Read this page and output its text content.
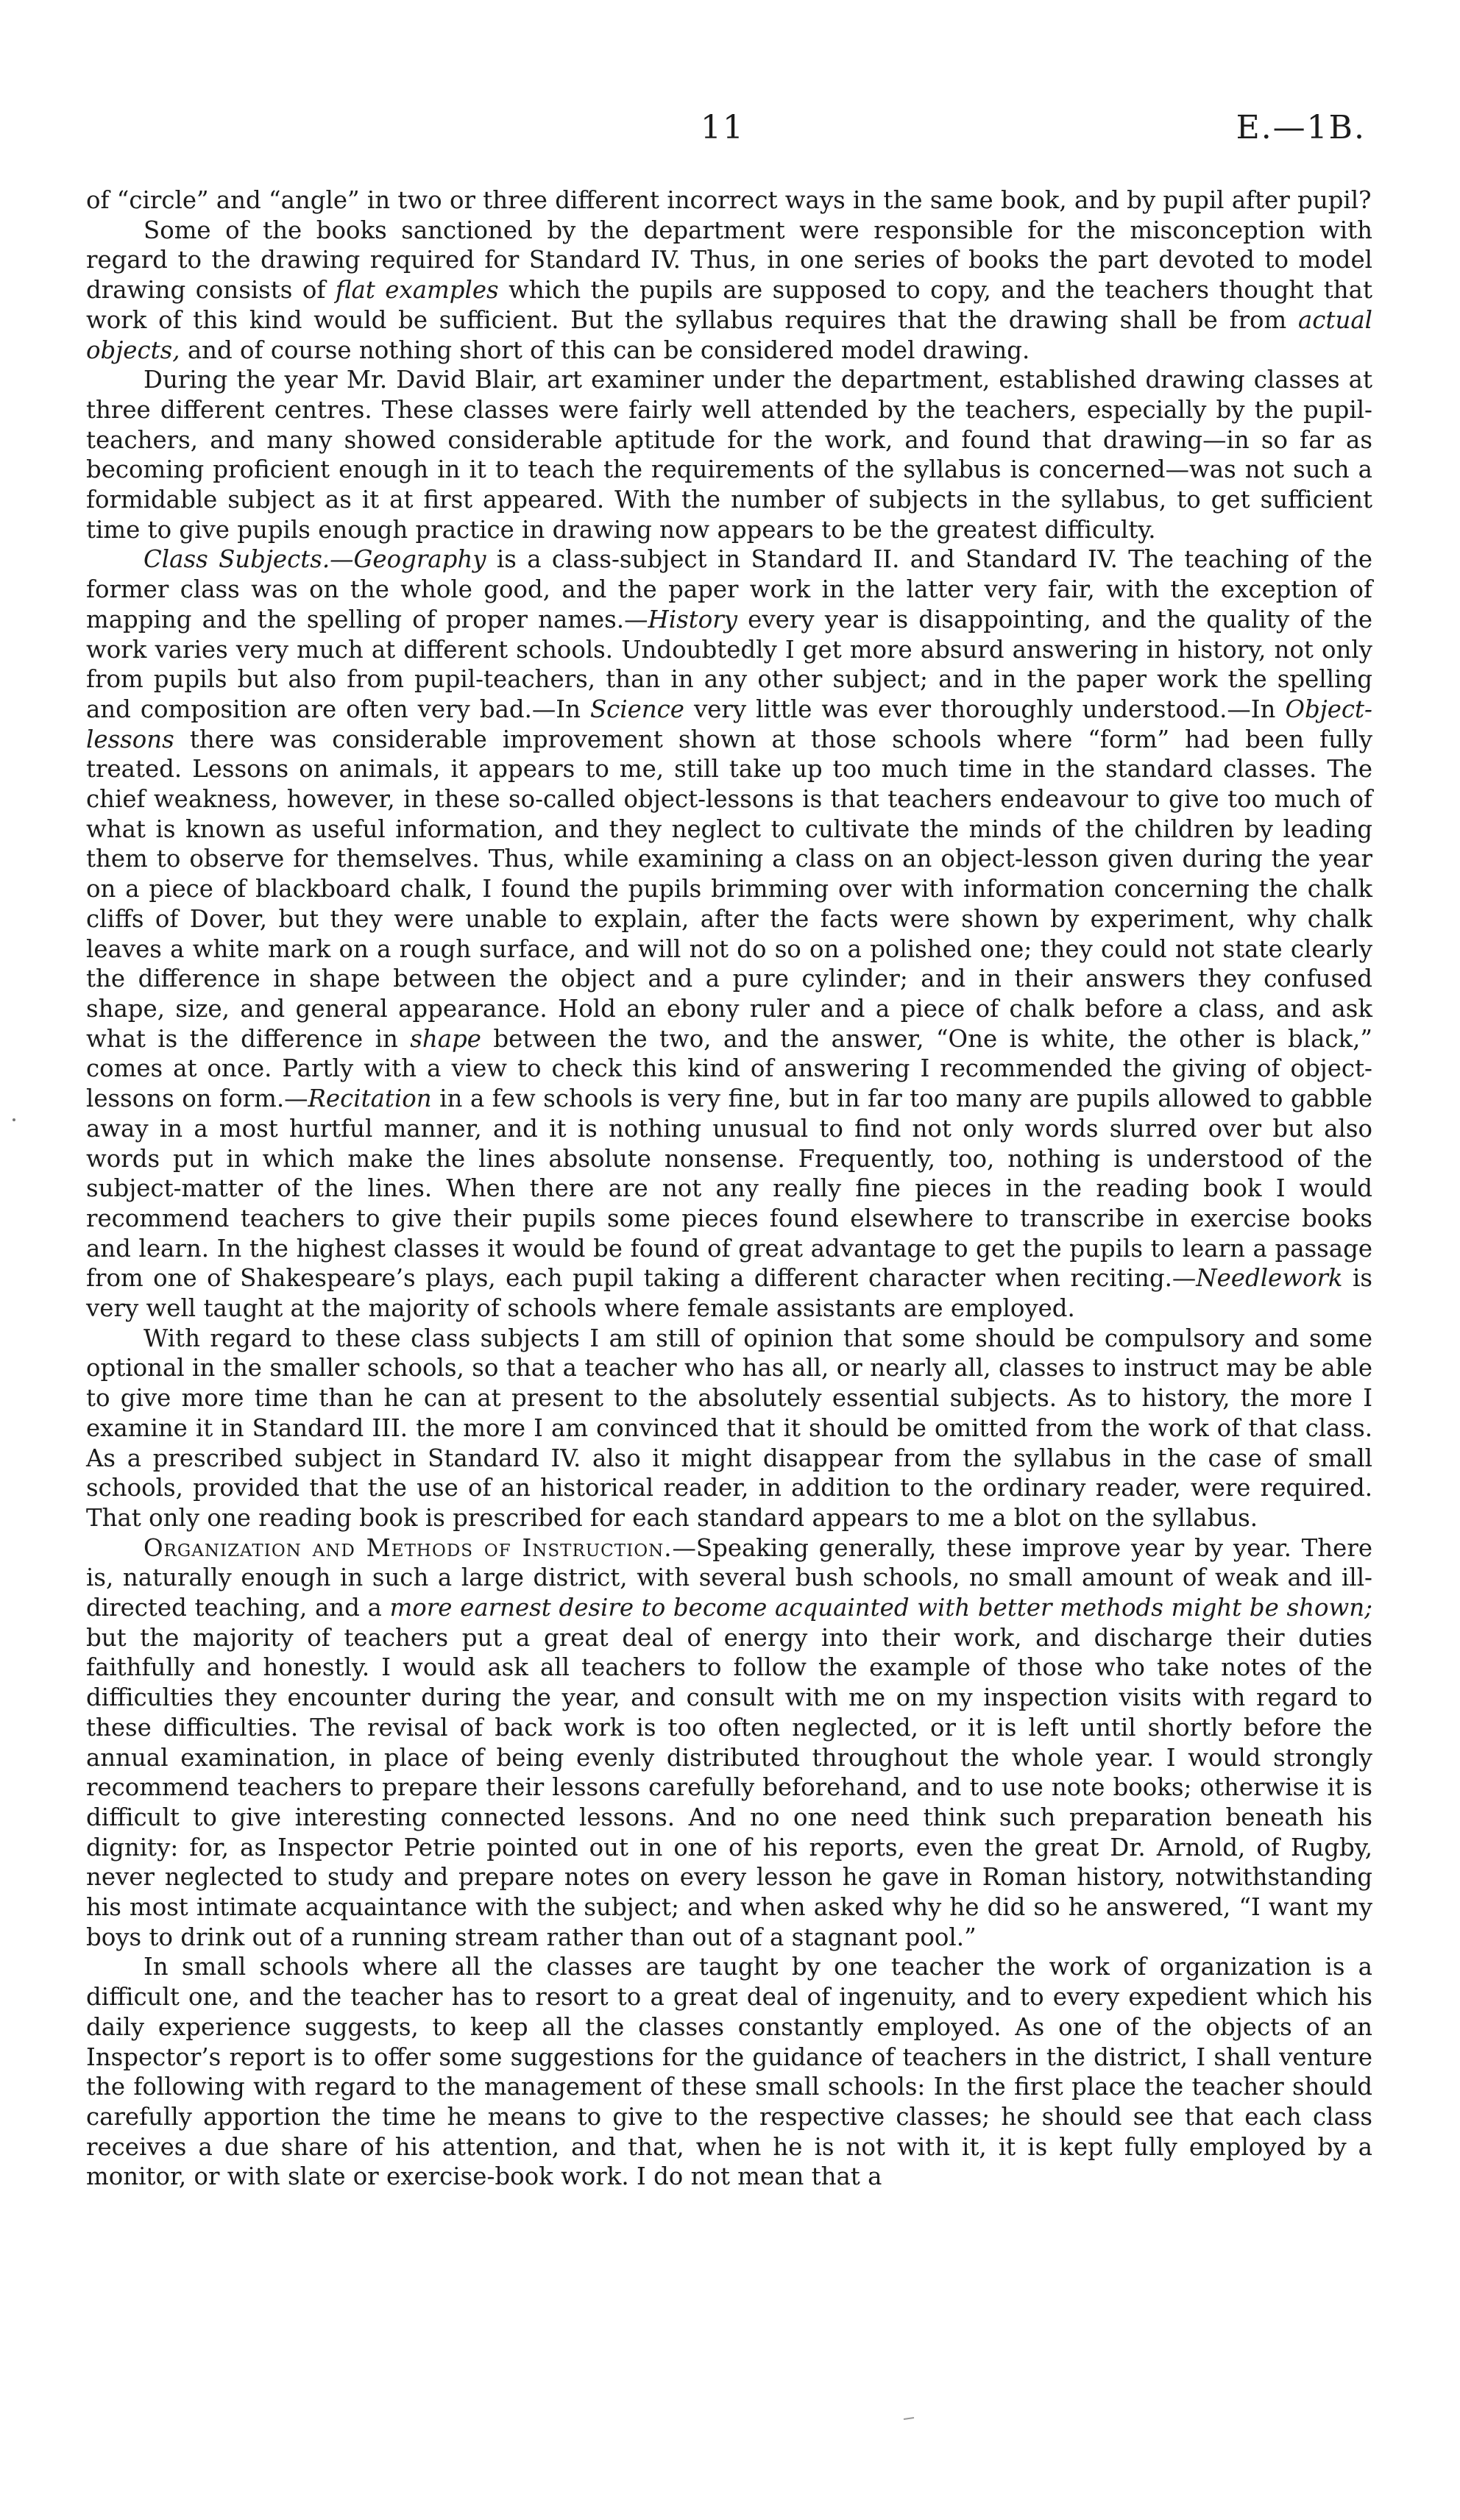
11	E.—1B.

of “circle” and “angle” in two or three different incorrect ways in the same book, and by pupil after pupil?

Some of the books sanctioned by the department were responsible for the misconception with regard to the drawing required for Standard IV. Thus, in one series of books the part devoted to model drawing consists of flat examples which the pupils are supposed to copy, and the teachers thought that work of this kind would be sufficient. But the syllabus requires that the drawing shall be from actual objects, and of course nothing short of this can be considered model drawing.

During the year Mr. David Blair, art examiner under the department, established drawing classes at three different centres. These classes were fairly well attended by the teachers, especially by the pupil-teachers, and many showed considerable aptitude for the work, and found that drawing—in so far as becoming proficient enough in it to teach the requirements of the syllabus is concerned—was not such a formidable subject as it at first appeared. With the number of subjects in the syllabus, to get sufficient time to give pupils enough practice in drawing now appears to be the greatest difficulty.

Class Subjects.—Geography is a class-subject in Standard II. and Standard IV. The teaching of the former class was on the whole good, and the paper work in the latter very fair, with the exception of mapping and the spelling of proper names.—History every year is disappointing, and the quality of the work varies very much at different schools. Undoubtedly I get more absurd answering in history, not only from pupils but also from pupil-teachers, than in any other subject; and in the paper work the spelling and composition are often very bad.—In Science very little was ever thoroughly understood.—In Object-lessons there was considerable improvement shown at those schools where “form” had been fully treated. Lessons on animals, it appears to me, still take up too much time in the standard classes. The chief weakness, however, in these so-called object-lessons is that teachers endeavour to give too much of what is known as useful information, and they neglect to cultivate the minds of the children by leading them to observe for themselves. Thus, while examining a class on an object-lesson given during the year on a piece of blackboard chalk, I found the pupils brimming over with information concerning the chalk cliffs of Dover, but they were unable to explain, after the facts were shown by experiment, why chalk leaves a white mark on a rough surface, and will not do so on a polished one; they could not state clearly the difference in shape between the object and a pure cylinder; and in their answers they confused shape, size, and general appearance. Hold an ebony ruler and a piece of chalk before a class, and ask what is the difference in shape between the two, and the answer, “One is white, the other is black,” comes at once. Partly with a view to check this kind of answering I recommended the giving of object-lessons on form.—Recitation in a few schools is very fine, but in far too many are pupils allowed to gabble away in a most hurtful manner, and it is nothing unusual to find not only words slurred over but also words put in which make the lines absolute nonsense. Frequently, too, nothing is understood of the subject-matter of the lines. When there are not any really fine pieces in the reading book I would recommend teachers to give their pupils some pieces found elsewhere to transcribe in exercise books and learn. In the highest classes it would be found of great advantage to get the pupils to learn a passage from one of Shakespeare’s plays, each pupil taking a different character when reciting.—Needlework is very well taught at the majority of schools where female assistants are employed.

With regard to these class subjects I am still of opinion that some should be compulsory and some optional in the smaller schools, so that a teacher who has all, or nearly all, classes to instruct may be able to give more time than he can at present to the absolutely essential subjects. As to history, the more I examine it in Standard III. the more I am convinced that it should be omitted from the work of that class. As a prescribed subject in Standard IV. also it might disappear from the syllabus in the case of small schools, provided that the use of an historical reader, in addition to the ordinary reader, were required. That only one reading book is prescribed for each standard appears to me a blot on the syllabus.

Organization and Methods of Instruction.—Speaking generally, these improve year by year. There is, naturally enough in such a large district, with several bush schools, no small amount of weak and ill-directed teaching, and a more earnest desire to become acquainted with better methods might be shown; but the majority of teachers put a great deal of energy into their work, and discharge their duties faithfully and honestly. I would ask all teachers to follow the example of those who take notes of the difficulties they encounter during the year, and consult with me on my inspection visits with regard to these difficulties. The revisal of back work is too often neglected, or it is left until shortly before the annual examination, in place of being evenly distributed throughout the whole year. I would strongly recommend teachers to prepare their lessons carefully beforehand, and to use note books; otherwise it is difficult to give interesting connected lessons. And no one need think such preparation beneath his dignity: for, as Inspector Petrie pointed out in one of his reports, even the great Dr. Arnold, of Rugby, never neglected to study and prepare notes on every lesson he gave in Roman history, notwithstanding his most intimate acquaintance with the subject; and when asked why he did so he answered, “I want my boys to drink out of a running stream rather than out of a stagnant pool.”

In small schools where all the classes are taught by one teacher the work of organization is a difficult one, and the teacher has to resort to a great deal of ingenuity, and to every expedient which his daily experience suggests, to keep all the classes constantly employed. As one of the objects of an Inspector’s report is to offer some suggestions for the guidance of teachers in the district, I shall venture the following with regard to the management of these small schools: In the first place the teacher should carefully apportion the time he means to give to the respective classes; he should see that each class receives a due share of his attention, and that, when he is not with it, it is kept fully employed by a monitor, or with slate or exercise-book work. I do not mean that a
